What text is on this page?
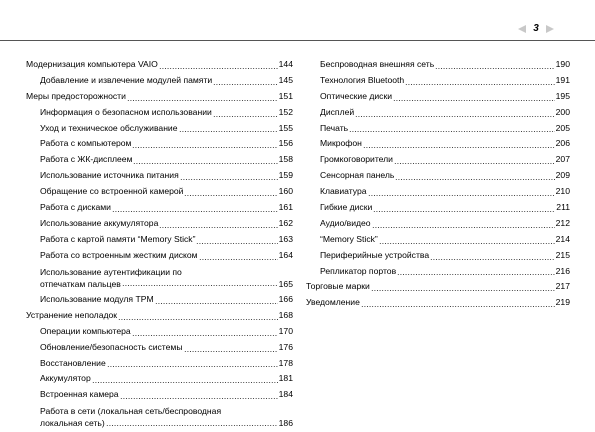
3
Модернизация компьютера VAIO	144
Добавление и извлечение модулей памяти	145
Меры предосторожности	151
Информация о безопасном использовании	152
Уход и техническое обслуживание	155
Работа с компьютером	156
Работа с ЖК-дисплеем	158
Использование источника питания	159
Обращение со встроенной камерой	160
Работа с дисками	161
Использование аккумулятора	162
Работа с картой памяти “Memory Stick”	163
Работа со встроенным жестким диском	164
Использование аутентификации по
отпечаткам пальцев	165
Использование модуля TPM	166
Устранение неполадок	168
Операции компьютера	170
Обновление/безопасность системы	176
Восстановление	178
Аккумулятор	181
Встроенная камера	184
Работа в сети (локальная сеть/беспроводная
локальная сеть)	186
Беспроводная внешняя сеть	190
Технология Bluetooth	191
Оптические диски	195
Дисплей	200
Печать	205
Микрофон	206
Громкоговорители	207
Сенсорная панель	209
Клавиатура	210
Гибкие диски	211
Аудио/видео	212
“Memory Stick”	214
Периферийные устройства	215
Репликатор портов	216
Торговые марки	217
Уведомление	219
